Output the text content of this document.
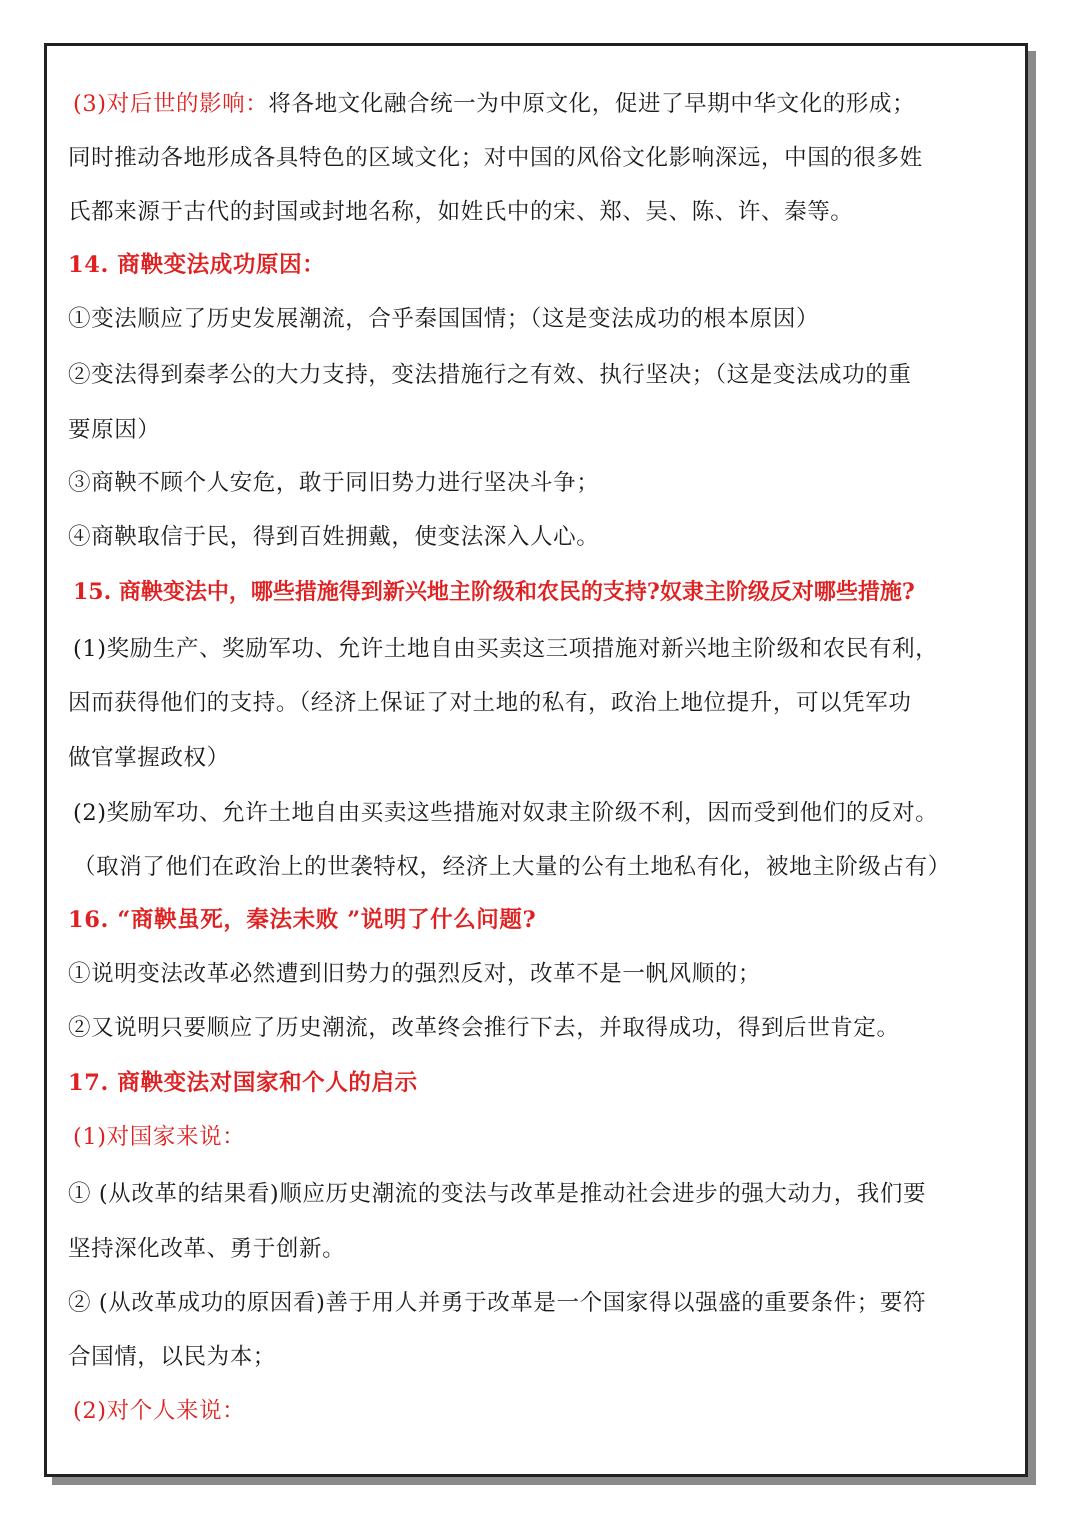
(3)对后世的影响：将各地文化融合统一为中原文化，促进了早期中华文化的形成；
同时推动各地形成各具特色的区域文化；对中国的风俗文化影响深远，中国的很多姓
氏都来源于古代的封国或封地名称，如姓氏中的宋、郑、吴、陈、许、秦等。
14. 商鞅变法成功原因：
①变法顺应了历史发展潮流，合乎秦国国情；（这是变法成功的根本原因）
②变法得到秦孝公的大力支持，变法措施行之有效、执行坚决；（这是变法成功的重
要原因）
③商鞅不顾个人安危，敢于同旧势力进行坚决斗争；
④商鞅取信于民，得到百姓拥戴，使变法深入人心。
15. 商鞅变法中，哪些措施得到新兴地主阶级和农民的支持?奴隶主阶级反对哪些措施?
(1)奖励生产、奖励军功、允许土地自由买卖这三项措施对新兴地主阶级和农民有利，
因而获得他们的支持。（经济上保证了对土地的私有，政治上地位提升，可以凭军功
做官掌握政权）
(2)奖励军功、允许土地自由买卖这些措施对奴隶主阶级不利，因而受到他们的反对。
（取消了他们在政治上的世袭特权，经济上大量的公有土地私有化，被地主阶级占有）
16. “商鞅虽死，秦法未败 ”说明了什么问题?
①说明变法改革必然遭到旧势力的强烈反对，改革不是一帆风顺的；
②又说明只要顺应了历史潮流，改革终会推行下去，并取得成功，得到后世肯定。
17. 商鞅变法对国家和个人的启示
(1)对国家来说：
① (从改革的结果看)顺应历史潮流的变法与改革是推动社会进步的强大动力，我们要
坚持深化改革、勇于创新。
② (从改革成功的原因看)善于用人并勇于改革是一个国家得以强盛的重要条件；要符
合国情，以民为本；
(2)对个人来说：
